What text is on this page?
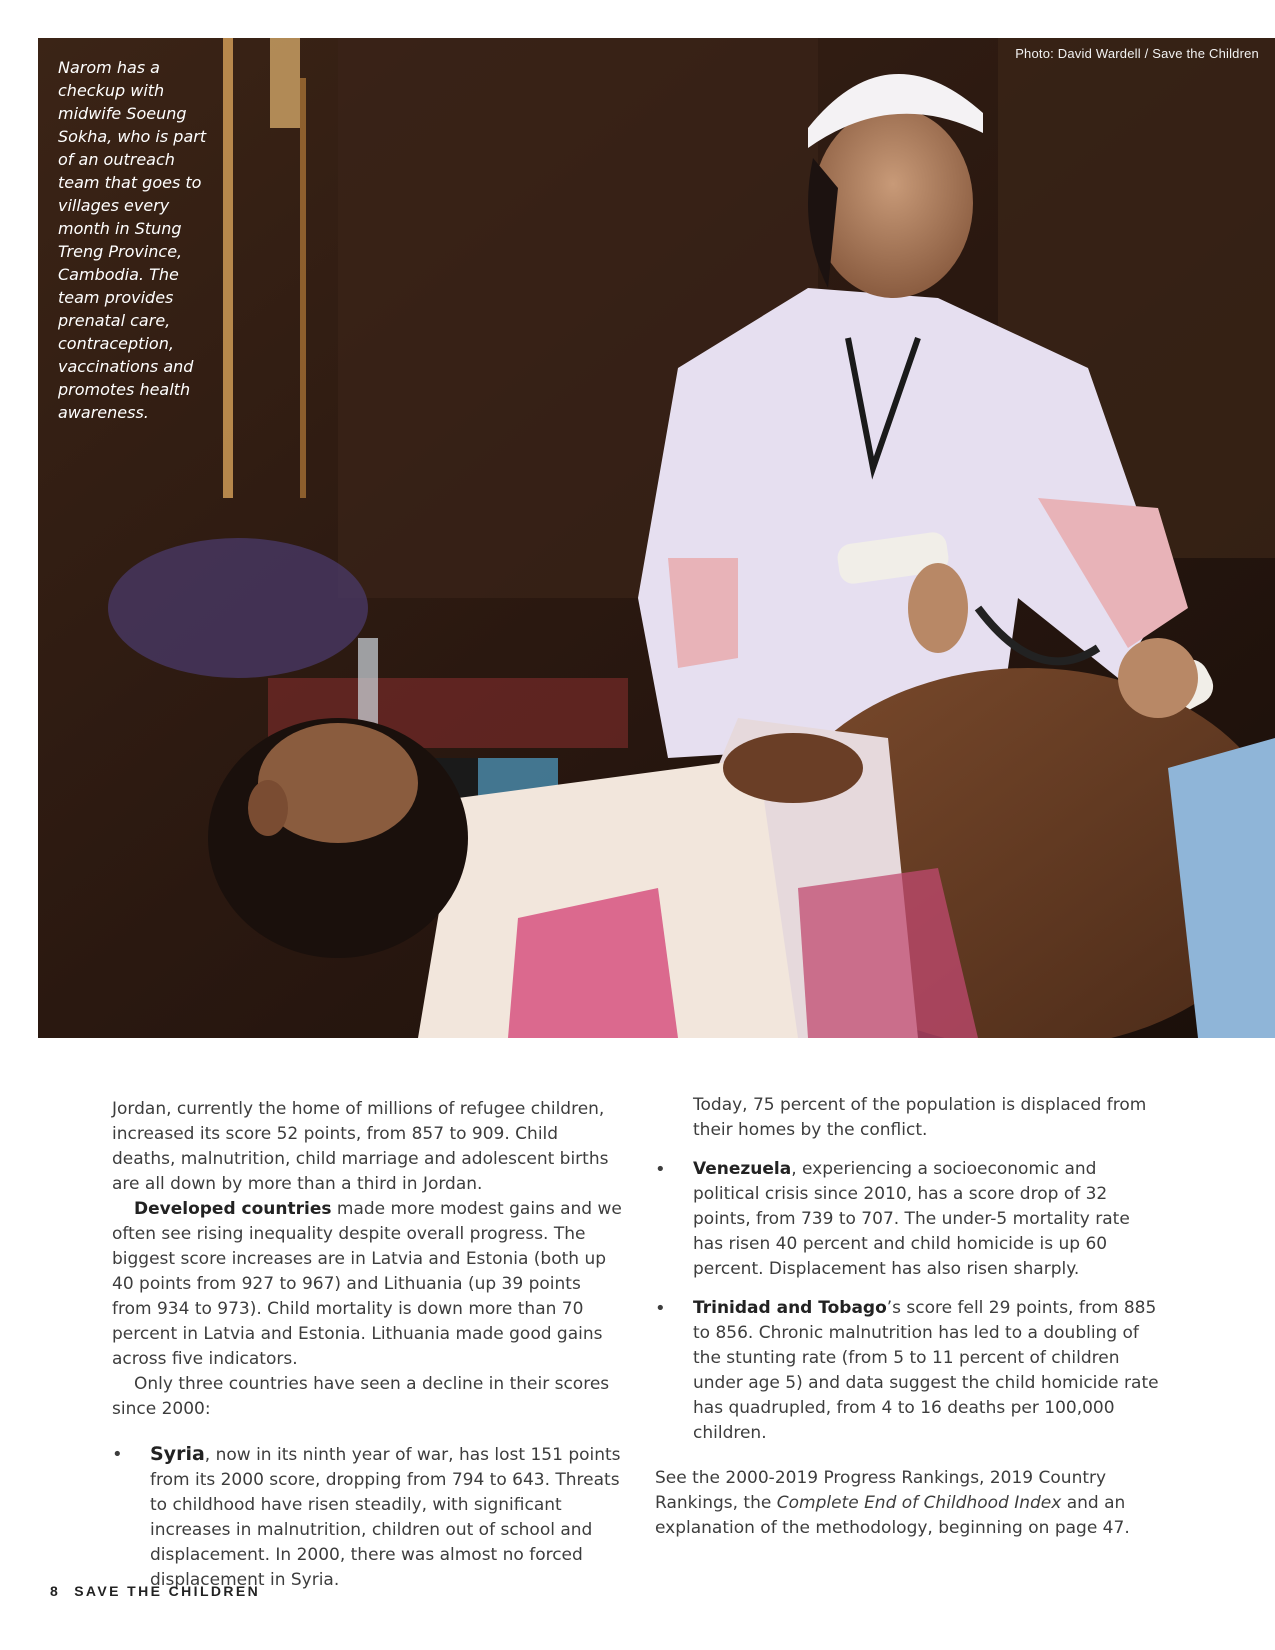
Photo: David Wardell / Save the Children
Narom has a checkup with midwife Soeung Sokha, who is part of an outreach team that goes to villages every month in Stung Treng Province, Cambodia. The team provides prenatal care, contraception, vaccinations and promotes health awareness.

Jordan, currently the home of millions of refugee children, increased its score 52 points, from 857 to 909. Child deaths, malnutrition, child marriage and adolescent births are all down by more than a third in Jordan.

Developed countries made more modest gains and we often see rising inequality despite overall progress. The biggest score increases are in Latvia and Estonia (both up 40 points from 927 to 967) and Lithuania (up 39 points from 934 to 973). Child mortality is down more than 70 percent in Latvia and Estonia. Lithuania made good gains across five indicators.

Only three countries have seen a decline in their scores since 2000:

• Syria, now in its ninth year of war, has lost 151 points from its 2000 score, dropping from 794 to 643. Threats to childhood have risen steadily, with significant increases in malnutrition, children out of school and displacement. In 2000, there was almost no forced displacement in Syria.

Today, 75 percent of the population is displaced from their homes by the conflict.

• Venezuela, experiencing a socioeconomic and political crisis since 2010, has a score drop of 32 points, from 739 to 707. The under-5 mortality rate has risen 40 percent and child homicide is up 60 percent. Displacement has also risen sharply.
• Trinidad and Tobago’s score fell 29 points, from 885 to 856. Chronic malnutrition has led to a doubling of the stunting rate (from 5 to 11 percent of children under age 5) and data suggest the child homicide rate has quadrupled, from 4 to 16 deaths per 100,000 children.

See the 2000-2019 Progress Rankings, 2019 Country Rankings, the Complete End of Childhood Index and an explanation of the methodology, beginning on page 47.

8 SAVE THE CHILDREN
